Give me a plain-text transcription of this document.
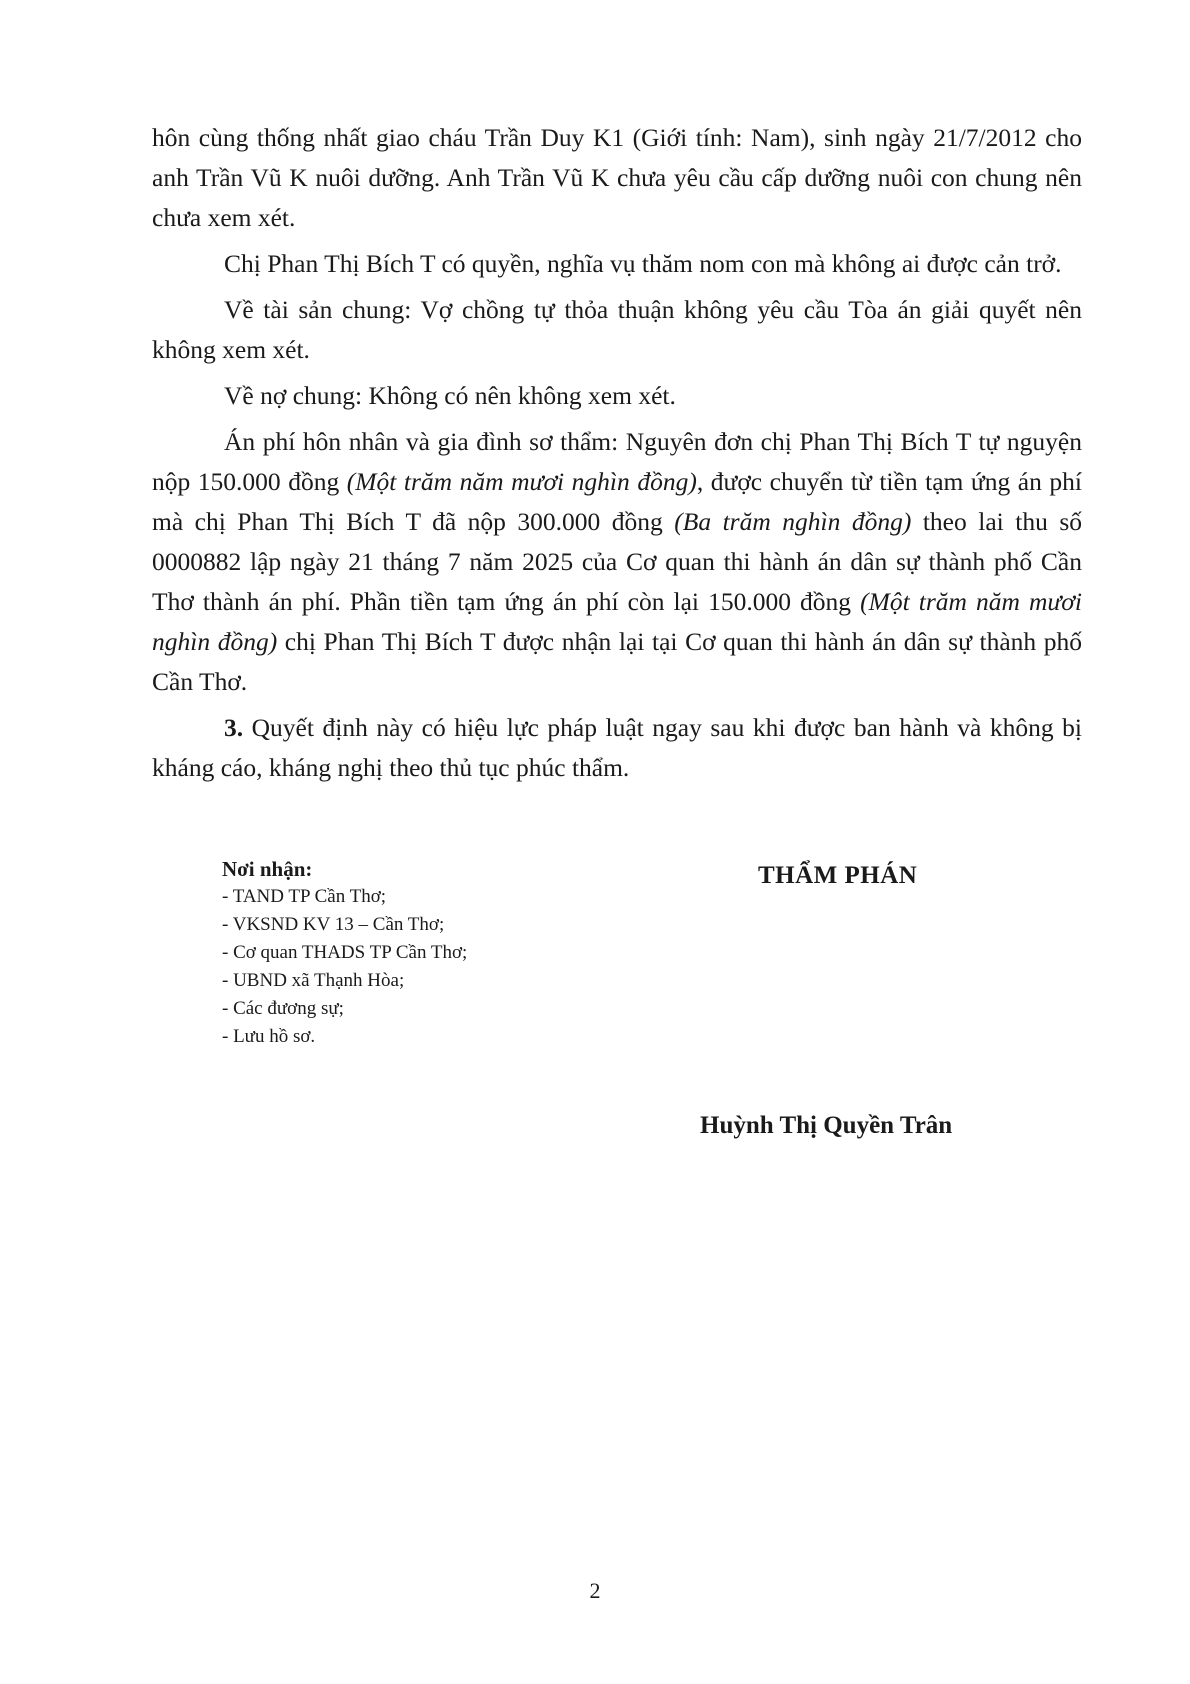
hôn cùng thống nhất giao cháu Trần Duy K1 (Giới tính: Nam), sinh ngày 21/7/2012 cho anh Trần Vũ K nuôi dưỡng. Anh Trần Vũ K chưa yêu cầu cấp dưỡng nuôi con chung nên chưa xem xét.

Chị Phan Thị Bích T có quyền, nghĩa vụ thăm nom con mà không ai được cản trở.

Về tài sản chung: Vợ chồng tự thỏa thuận không yêu cầu Tòa án giải quyết nên không xem xét.

Về nợ chung: Không có nên không xem xét.

Án phí hôn nhân và gia đình sơ thẩm: Nguyên đơn chị Phan Thị Bích T tự nguyện nộp 150.000 đồng (Một trăm năm mươi nghìn đồng), được chuyển từ tiền tạm ứng án phí mà chị Phan Thị Bích T đã nộp 300.000 đồng (Ba trăm nghìn đồng) theo lai thu số 0000882 lập ngày 21 tháng 7 năm 2025 của Cơ quan thi hành án dân sự thành phố Cần Thơ thành án phí. Phần tiền tạm ứng án phí còn lại 150.000 đồng (Một trăm năm mươi nghìn đồng) chị Phan Thị Bích T được nhận lại tại Cơ quan thi hành án dân sự thành phố Cần Thơ.

3. Quyết định này có hiệu lực pháp luật ngay sau khi được ban hành và không bị kháng cáo, kháng nghị theo thủ tục phúc thẩm.

Nơi nhận:
- TAND TP Cần Thơ;
- VKSND KV 13 – Cần Thơ;
- Cơ quan THADS TP Cần Thơ;
- UBND xã Thạnh Hòa;
- Các đương sự;
- Lưu hồ sơ.
THẨM PHÁN
Huỳnh Thị Quyền Trân
2
